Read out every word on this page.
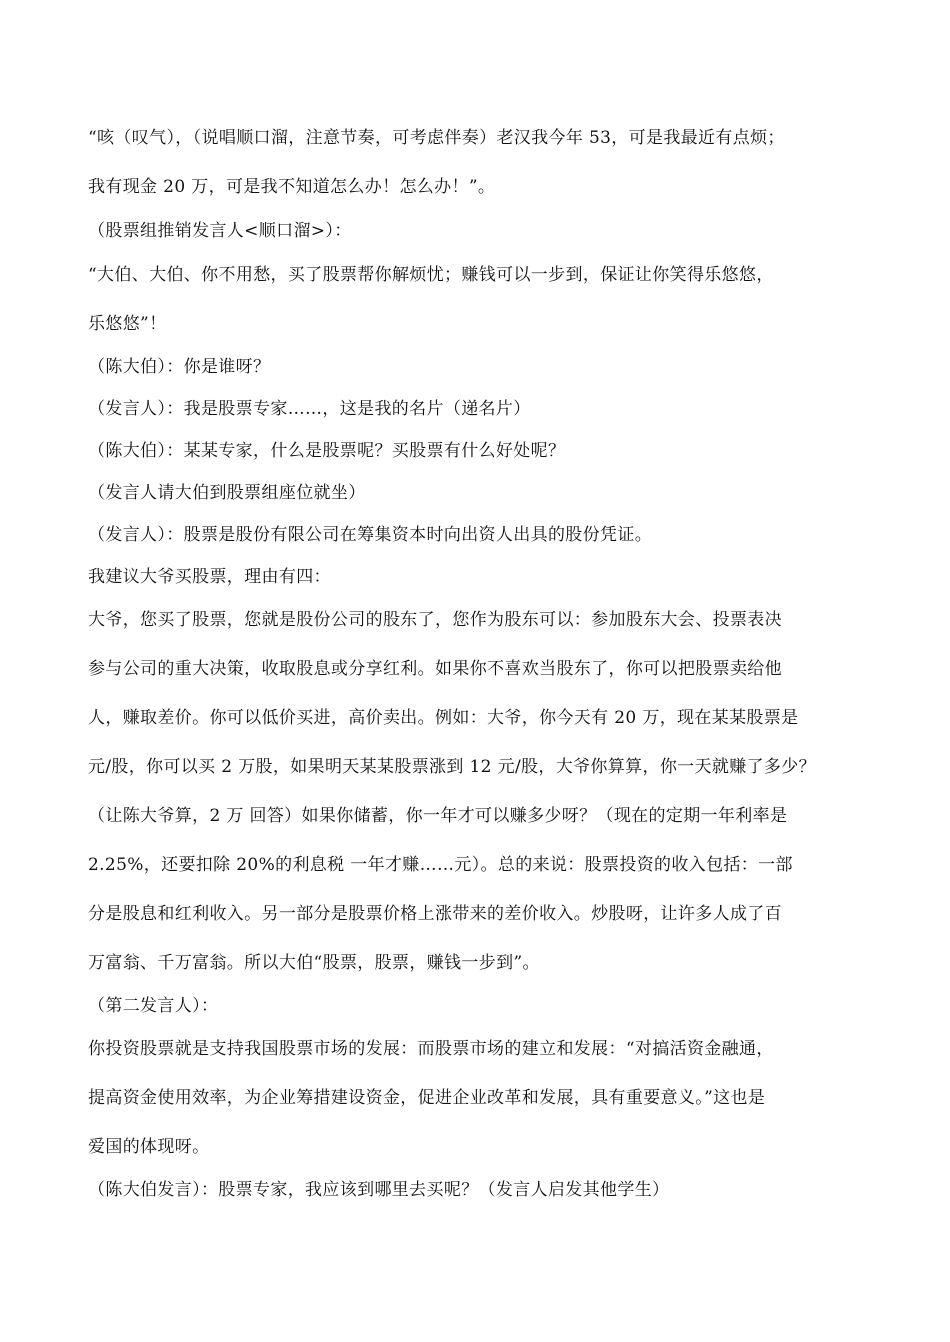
“咳（叹气），（说唱顺口溜，注意节奏，可考虑伴奏）老汉我今年 53，可是我最近有点烦；
我有现金 20 万，可是我不知道怎么办！怎么办！”。
（股票组推销发言人<顺口溜>）：
“大伯、大伯、你不用愁，买了股票帮你解烦忧；赚钱可以一步到，保证让你笑得乐悠悠，
乐悠悠”！
（陈大伯）：你是谁呀？
（发言人）：我是股票专家……，这是我的名片（递名片）
（陈大伯）：某某专家，什么是股票呢？买股票有什么好处呢？
（发言人请大伯到股票组座位就坐）
（发言人）：股票是股份有限公司在筹集资本时向出资人出具的股份凭证。
我建议大爷买股票，理由有四：
大爷，您买了股票，您就是股份公司的股东了，您作为股东可以：参加股东大会、投票表决
参与公司的重大决策，收取股息或分享红利。如果你不喜欢当股东了，你可以把股票卖给他
人，赚取差价。你可以低价买进，高价卖出。例如：大爷，你今天有 20 万，现在某某股票是
元/股，你可以买 2 万股，如果明天某某股票涨到 12 元/股，大爷你算算，你一天就赚了多少？
（让陈大爷算，2 万 回答）如果你储蓄，你一年才可以赚多少呀？（现在的定期一年利率是
2.25%，还要扣除 20%的利息税 一年才赚……元）。总的来说：股票投资的收入包括：一部
分是股息和红利收入。另一部分是股票价格上涨带来的差价收入。炒股呀，让许多人成了百
万富翁、千万富翁。所以大伯“股票，股票，赚钱一步到”。
（第二发言人）：
你投资股票就是支持我国股票市场的发展：而股票市场的建立和发展：“对搞活资金融通，
提高资金使用效率，为企业筹措建设资金，促进企业改革和发展，具有重要意义。”这也是
爱国的体现呀。
（陈大伯发言）：股票专家，我应该到哪里去买呢？（发言人启发其他学生）
